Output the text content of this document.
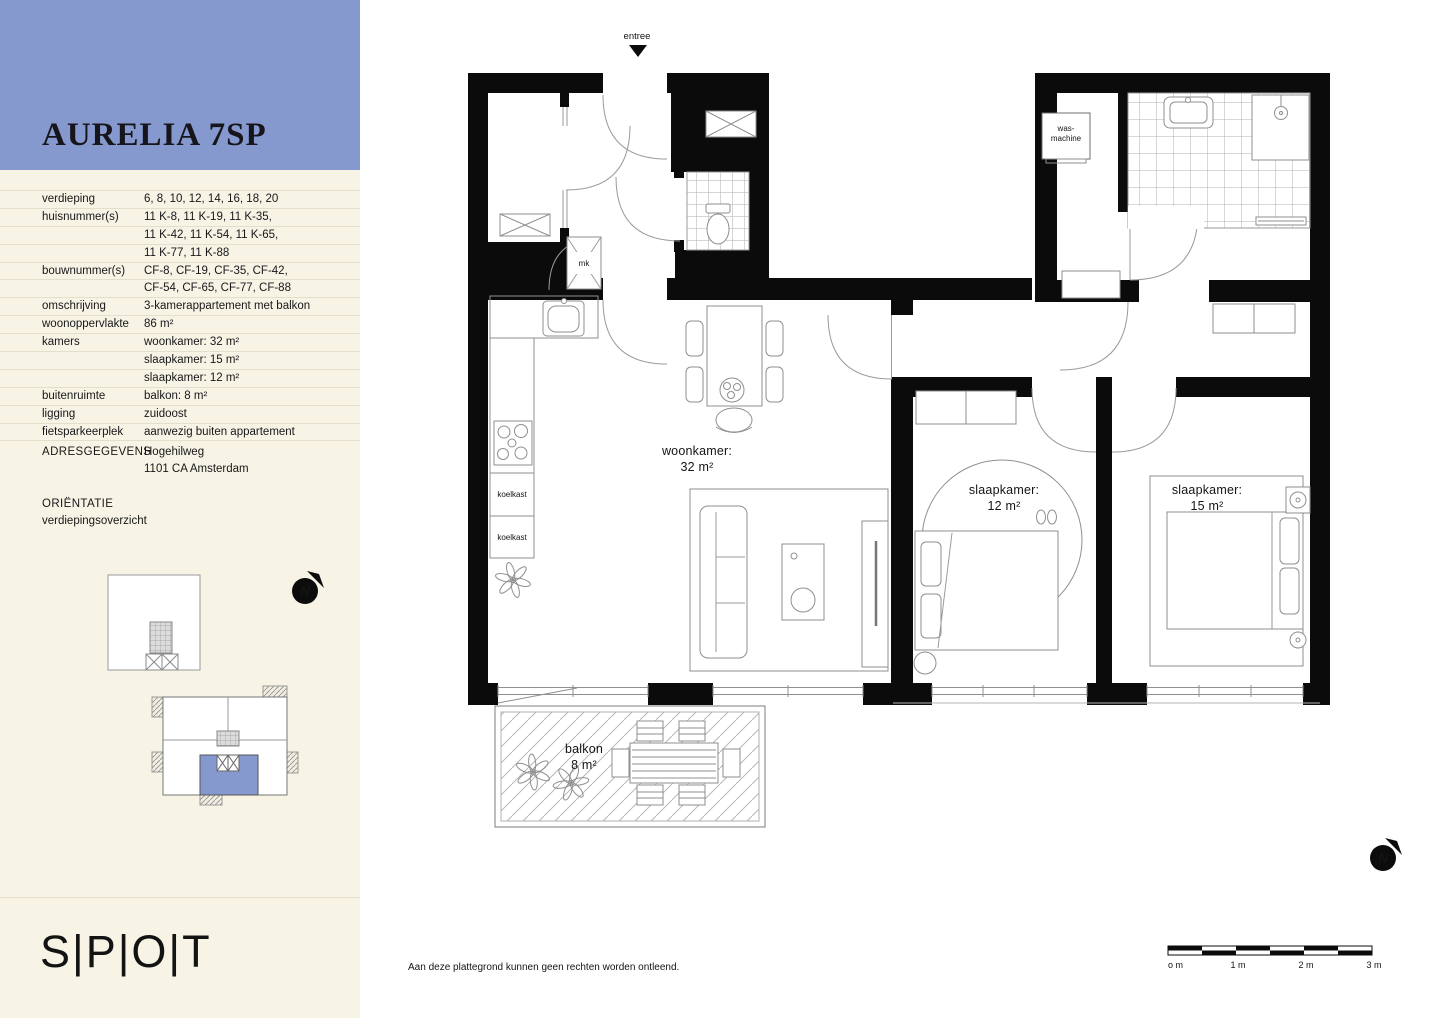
AURELIA 7SP
verdieping	6, 8, 10, 12, 14, 16, 18, 20
huisnummer(s)	11 K-8, 11 K-19, 11 K-35,
11 K-42, 11 K-54, 11 K-65,
11 K-77, 11 K-88
bouwnummer(s)	CF-8, CF-19, CF-35, CF-42,
CF-54, CF-65, CF-77, CF-88
omschrijving	3-kamerappartement met balkon
woonoppervlakte	86 m²
kamers	woonkamer: 32 m²
slaapkamer: 15 m²
slaapkamer: 12 m²
buitenruimte	balkon: 8 m²
ligging	zuidoost
fietsparkeerplek	aanwezig buiten appartement
ADRESGEGEVENS
Hogehilweg
1101 CA Amsterdam
ORIËNTATIE
verdiepingsoverzicht
N
S|P|O|T
entree
mk
was-
machine
koelkast
koelkast
woonkamer:
32 m²
slaapkamer:
12 m²
slaapkamer:
15 m²
balkon
8 m²
N
o m	1 m	2 m	3 m
Aan deze plattegrond kunnen geen rechten worden ontleend.
